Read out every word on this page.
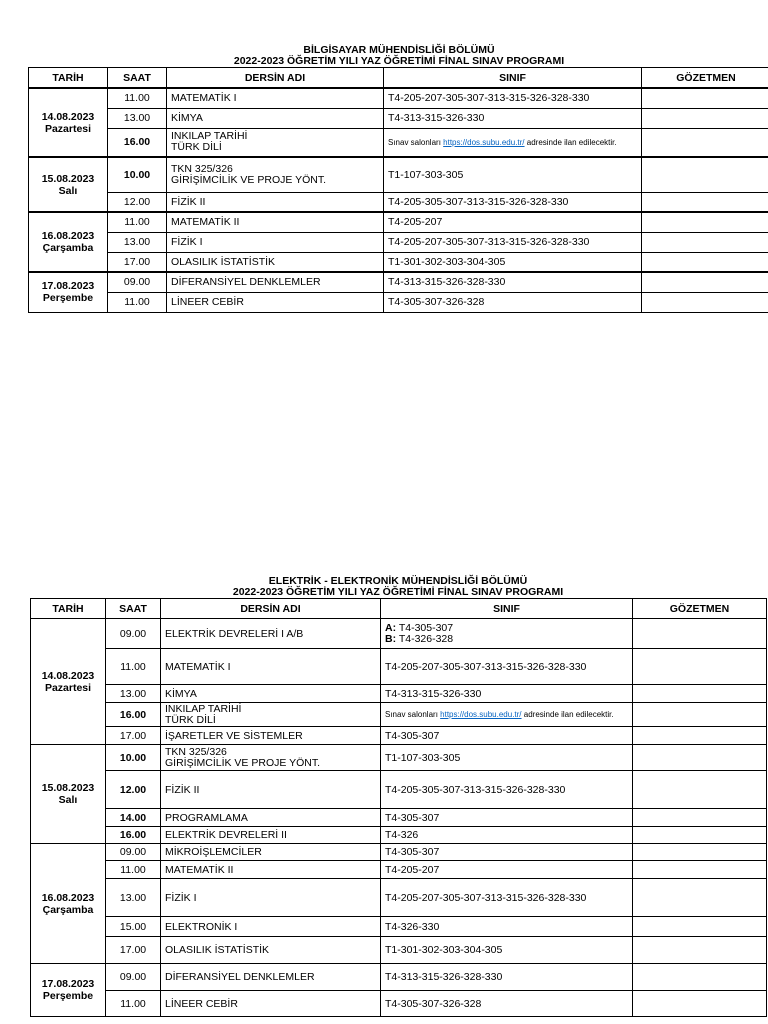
BİLGİSAYAR MÜHENDİSLİĞİ BÖLÜMÜ
2022-2023 ÖĞRETİM YILI YAZ ÖĞRETİMİ FİNAL SINAV PROGRAMI
TARİH	SAAT	DERSİN ADI	SINIF	GÖZETMEN
14.08.2023
Pazartesi	11.00	MATEMATİK I	T4-205-207-305-307-313-315-326-328-330	
	13.00	KİMYA	T4-313-315-326-330	
	16.00	INKILAP TARİHİ
TÜRK DİLİ	Sınav salonları https://dos.subu.edu.tr/ adresinde ilan edilecektir.	

15.08.2023
Salı	10.00	TKN 325/326
GİRİŞİMCİLİK VE PROJE YÖNT.	T1-107-303-305	
	12.00	FİZİK II	T4-205-305-307-313-315-326-328-330	
16.08.2023
Çarşamba	11.00	MATEMATİK II	T4-205-207	
	13.00	FİZİK I	T4-205-207-305-307-313-315-326-328-330	
	17.00	OLASILIK İSTATİSTİK	T1-301-302-303-304-305	
17.08.2023
Perşembe	09.00	DİFERANSİYEL DENKLEMLER	T4-313-315-326-328-330	
	11.00	LİNEER CEBİR	T4-305-307-326-328	
ELEKTRİK - ELEKTRONİK MÜHENDİSLİĞİ BÖLÜMÜ
2022-2023 ÖĞRETİM YILI YAZ ÖĞRETİMİ FİNAL SINAV PROGRAMI
TARİH	SAAT	DERSİN ADI	SINIF	GÖZETMEN
14.08.2023
Pazartesi	09.00	ELEKTRİK DEVRELERİ I A/B	A: T4-305-307
B: T4-326-328	
	11.00	MATEMATİK I	T4-205-207-305-307-313-315-326-328-330	
	13.00	KİMYA	T4-313-315-326-330	
	16.00	INKILAP TARİHİ
TÜRK DİLİ	Sınav salonları https://dos.subu.edu.tr/ adresinde ilan edilecektir.	

	17.00	İŞARETLER VE SİSTEMLER	T4-305-307	
15.08.2023
Salı	10.00	TKN 325/326
GİRİŞİMCİLİK VE PROJE YÖNT.	T1-107-303-305	
	12.00	FİZİK II	T4-205-305-307-313-315-326-328-330	
	14.00	PROGRAMLAMA	T4-305-307	
	16.00	ELEKTRİK DEVRELERİ II	T4-326	
16.08.2023
Çarşamba	09.00	MİKROİŞLEMCİLER	T4-305-307	
	11.00	MATEMATİK II	T4-205-207	
	13.00	FİZİK I	T4-205-207-305-307-313-315-326-328-330	
	15.00	ELEKTRONİK I	T4-326-330	
	17.00	OLASILIK İSTATİSTİK	T1-301-302-303-304-305	
17.08.2023
Perşembe	09.00	DİFERANSİYEL DENKLEMLER	T4-313-315-326-328-330	
	11.00	LİNEER CEBİR	T4-305-307-326-328	
